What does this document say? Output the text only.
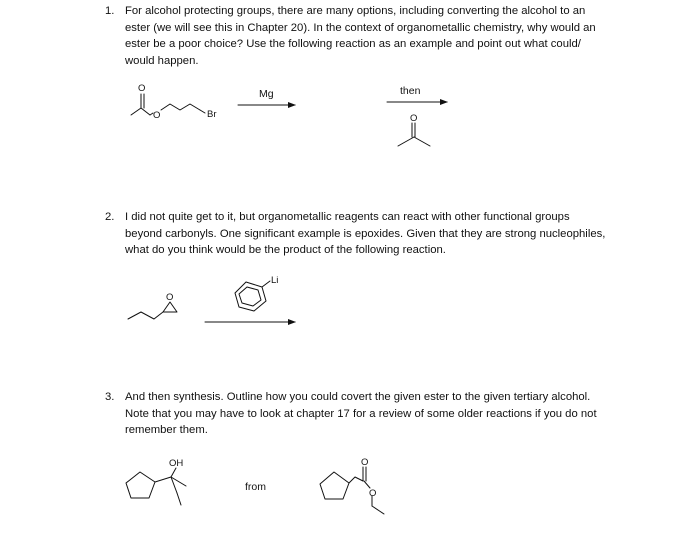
1. For alcohol protecting groups, there are many options, including converting the alcohol to an
ester (we will see this in Chapter 20). In the context of organometallic chemistry, why would an
ester be a poor choice? Use the following reaction as an example and point out what could/
would happen.
2. I did not quite get to it, but organometallic reagents can react with other functional groups
beyond carbonyls. One significant example is epoxides. Given that they are strong nucleophiles,
what do you think would be the product of the following reaction.
3. And then synthesis. Outline how you could covert the given ester to the given tertiary alcohol.
Note that you may have to look at chapter 17 for a review of some older reactions if you do not
remember them.
O
O	Br
Mg	then
O
O
Li
OH
from
O
O
